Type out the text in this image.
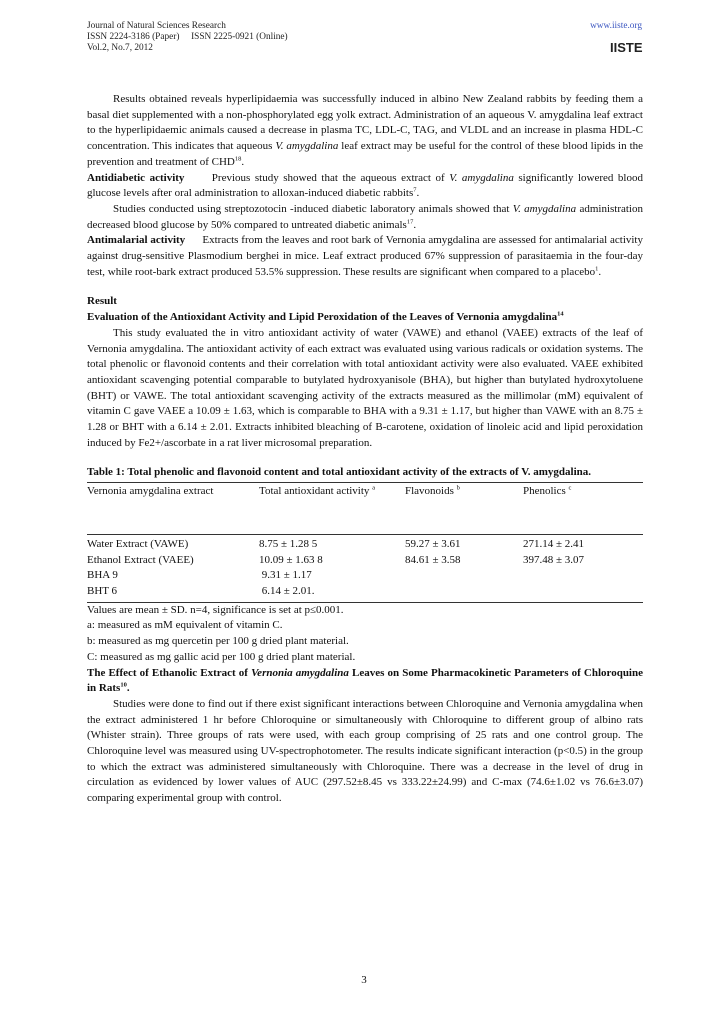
Journal of Natural Sciences Research
ISSN 2224-3186 (Paper) ISSN 2225-0921 (Online)
Vol.2, No.7, 2012
www.iiste.org
IISTE

Results obtained reveals hyperlipidaemia was successfully induced in albino New Zealand rabbits by feeding them a basal diet supplemented with a non-phosphorylated egg yolk extract. Administration of an aqueous V. amygdalina leaf extract to the hyperlipidaemic animals caused a decrease in plasma TC, LDL-C, TAG, and VLDL and an increase in plasma HDL-C concentration. This indicates that aqueous V. amygdalina leaf extract may be useful for the control of these blood lipids in the prevention and treatment of CHD$^{18}$.

Antidiabetic activity Previous study showed that the aqueous extract of V. amygdalina significantly lowered blood glucose levels after oral administration to alloxan-induced diabetic rabbits$^7$.

Studies conducted using streptozotocin -induced diabetic laboratory animals showed that V. amygdalina administration decreased blood glucose by 50% compared to untreated diabetic animals$^{17}$.

Antimalarial activity Extracts from the leaves and root bark of Vernonia amygdalina are assessed for antimalarial activity against drug-sensitive Plasmodium berghei in mice. Leaf extract produced 67% suppression of parasitaemia in the four-day test, while root-bark extract produced 53.5% suppression. These results are significant when compared to a placebo$^1$.

Result

Evaluation of the Antioxidant Activity and Lipid Peroxidation of the Leaves of Vernonia amygdalina$^{14}$

This study evaluated the in vitro antioxidant activity of water (VAWE) and ethanol (VAEE) extracts of the leaf of Vernonia amygdalina. The antioxidant activity of each extract was evaluated using various radicals or oxidation systems. The total phenolic or flavonoid contents and their correlation with total antioxidant activity were also evaluated. VAEE exhibited antioxidant scavenging potential comparable to butylated hydroxyanisole (BHA), but higher than butylated hydroxytoluene (BHT) or VAWE. The total antioxidant scavenging activity of the extracts measured as the millimolar (mM) equivalent of vitamin C gave VAEE a 10.09 ± 1.63, which is comparable to BHA with a 9.31 ± 1.17, but higher than VAWE with an 8.75 ± 1.28 or BHT with a 6.14 ± 2.01. Extracts inhibited bleaching of B-carotene, oxidation of linoleic acid and lipid peroxidation induced by Fe2+/ascorbate in a rat liver microsomal preparation.

Table 1: Total phenolic and flavonoid content and total antioxidant activity of the extracts of V. amygdalina.

Vernonia amygdalina extract	Total antioxidant activity $^a$	Flavonoids $^b$	Phenolics $^c$
Water Extract (VAWE)	8.75 ± 1.28 5	59.27 ± 3.61	271.14 ± 2.41
Ethanol Extract (VAEE)	10.09 ± 1.63 8	84.61 ± 3.58	397.48 ± 3.07
BHA 9	9.31 ± 1.17		
BHT 6	6.14 ± 2.01.		

Values are mean ± SD. n=4, significance is set at p≤0.001.

a: measured as mM equivalent of vitamin C.

b: measured as mg quercetin per 100 g dried plant material.

C: measured as mg gallic acid per 100 g dried plant material.

The Effect of Ethanolic Extract of Vernonia amygdalina Leaves on Some Pharmacokinetic Parameters of Chloroquine in Rats$^{10}$.

Studies were done to find out if there exist significant interactions between Chloroquine and Vernonia amygdalina when the extract administered 1 hr before Chloroquine or simultaneously with Chloroquine to different group of albino rats (Whister strain). Three groups of rats were used, with each group comprising of 25 rats and one control group. The Chloroquine level was measured using UV-spectrophotometer. The results indicate significant interaction (p<0.5) in the group to which the extract was administered simultaneously with Chloroquine. There was a decrease in the level of drug in circulation as evidenced by lower values of AUC (297.52±8.45 vs 333.22±24.99) and C-max (74.6±1.02 vs 76.6±3.07) comparing experimental group with control.

3
